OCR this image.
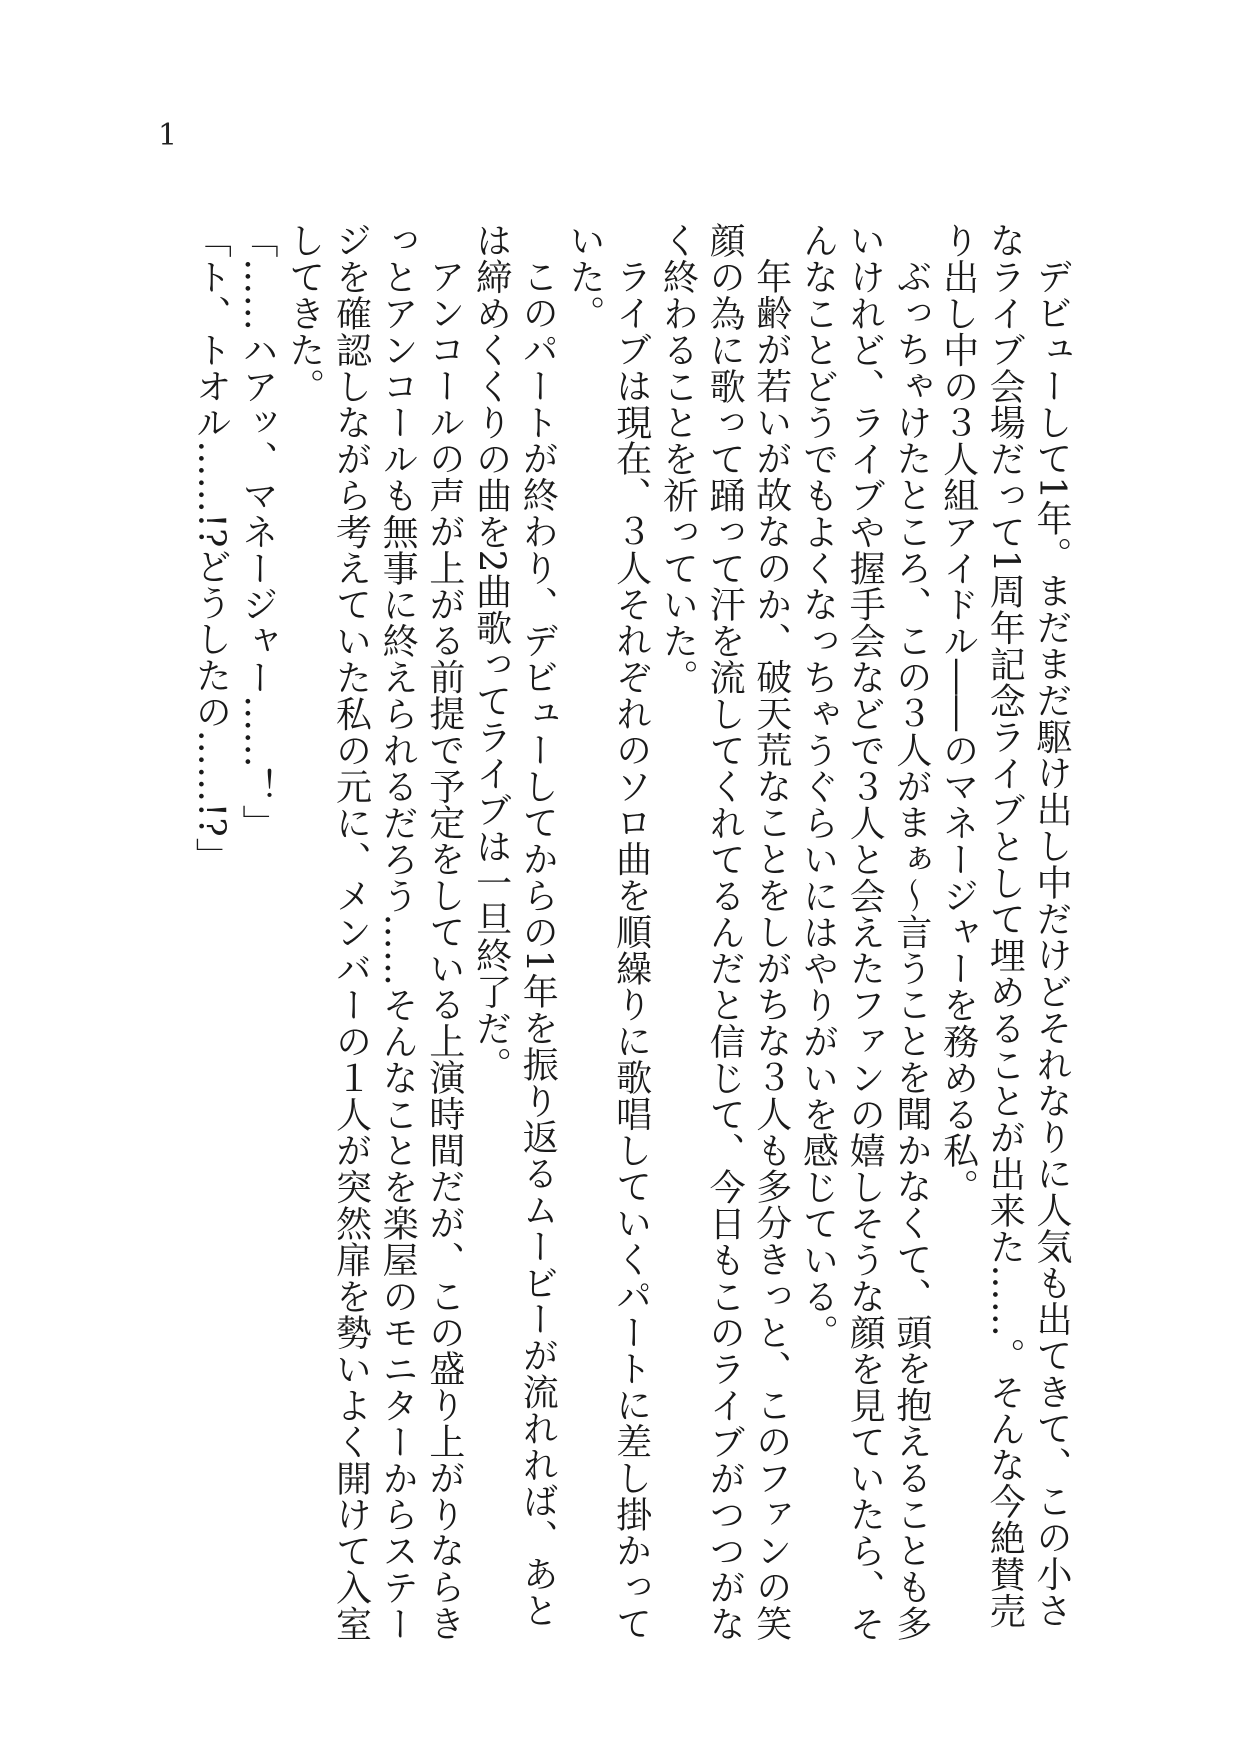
1
デビューして1年。まだまだ駆け出し中だけどそれなりに人気も出てきて、この小さ
なライブ会場だって1周年記念ライブとして埋めることが出来た……。そんな今絶賛売
り出し中の３人組アイドル――のマネージャーを務める私。
ぶっちゃけたところ、この３人がまぁ〜言うことを聞かなくて、頭を抱えることも多
いけれど、ライブや握手会などで３人と会えたファンの嬉しそうな顔を見ていたら、そ
んなことどうでもよくなっちゃうぐらいにはやりがいを感じている。
年齢が若いが故なのか、破天荒なことをしがちな３人も多分きっと、このファンの笑
顔の為に歌って踊って汗を流してくれてるんだと信じて、今日もこのライブがつつがな
く終わることを祈っていた。
ライブは現在、３人それぞれのソロ曲を順繰りに歌唱していくパートに差し掛かって
いた。
このパートが終わり、デビューしてからの1年を振り返るムービーが流れれば、あと
は締めくくりの曲を2曲歌ってライブは一旦終了だ。
アンコールの声が上がる前提で予定をしている上演時間だが、この盛り上がりならき
っとアンコールも無事に終えられるだろう……そんなことを楽屋のモニターからステー
ジを確認しながら考えていた私の元に、メンバーの１人が突然扉を勢いよく開けて入室
してきた。
「……ハアッ、マネージャー……！」
「ト、トオル……!?どうしたの……!?」
